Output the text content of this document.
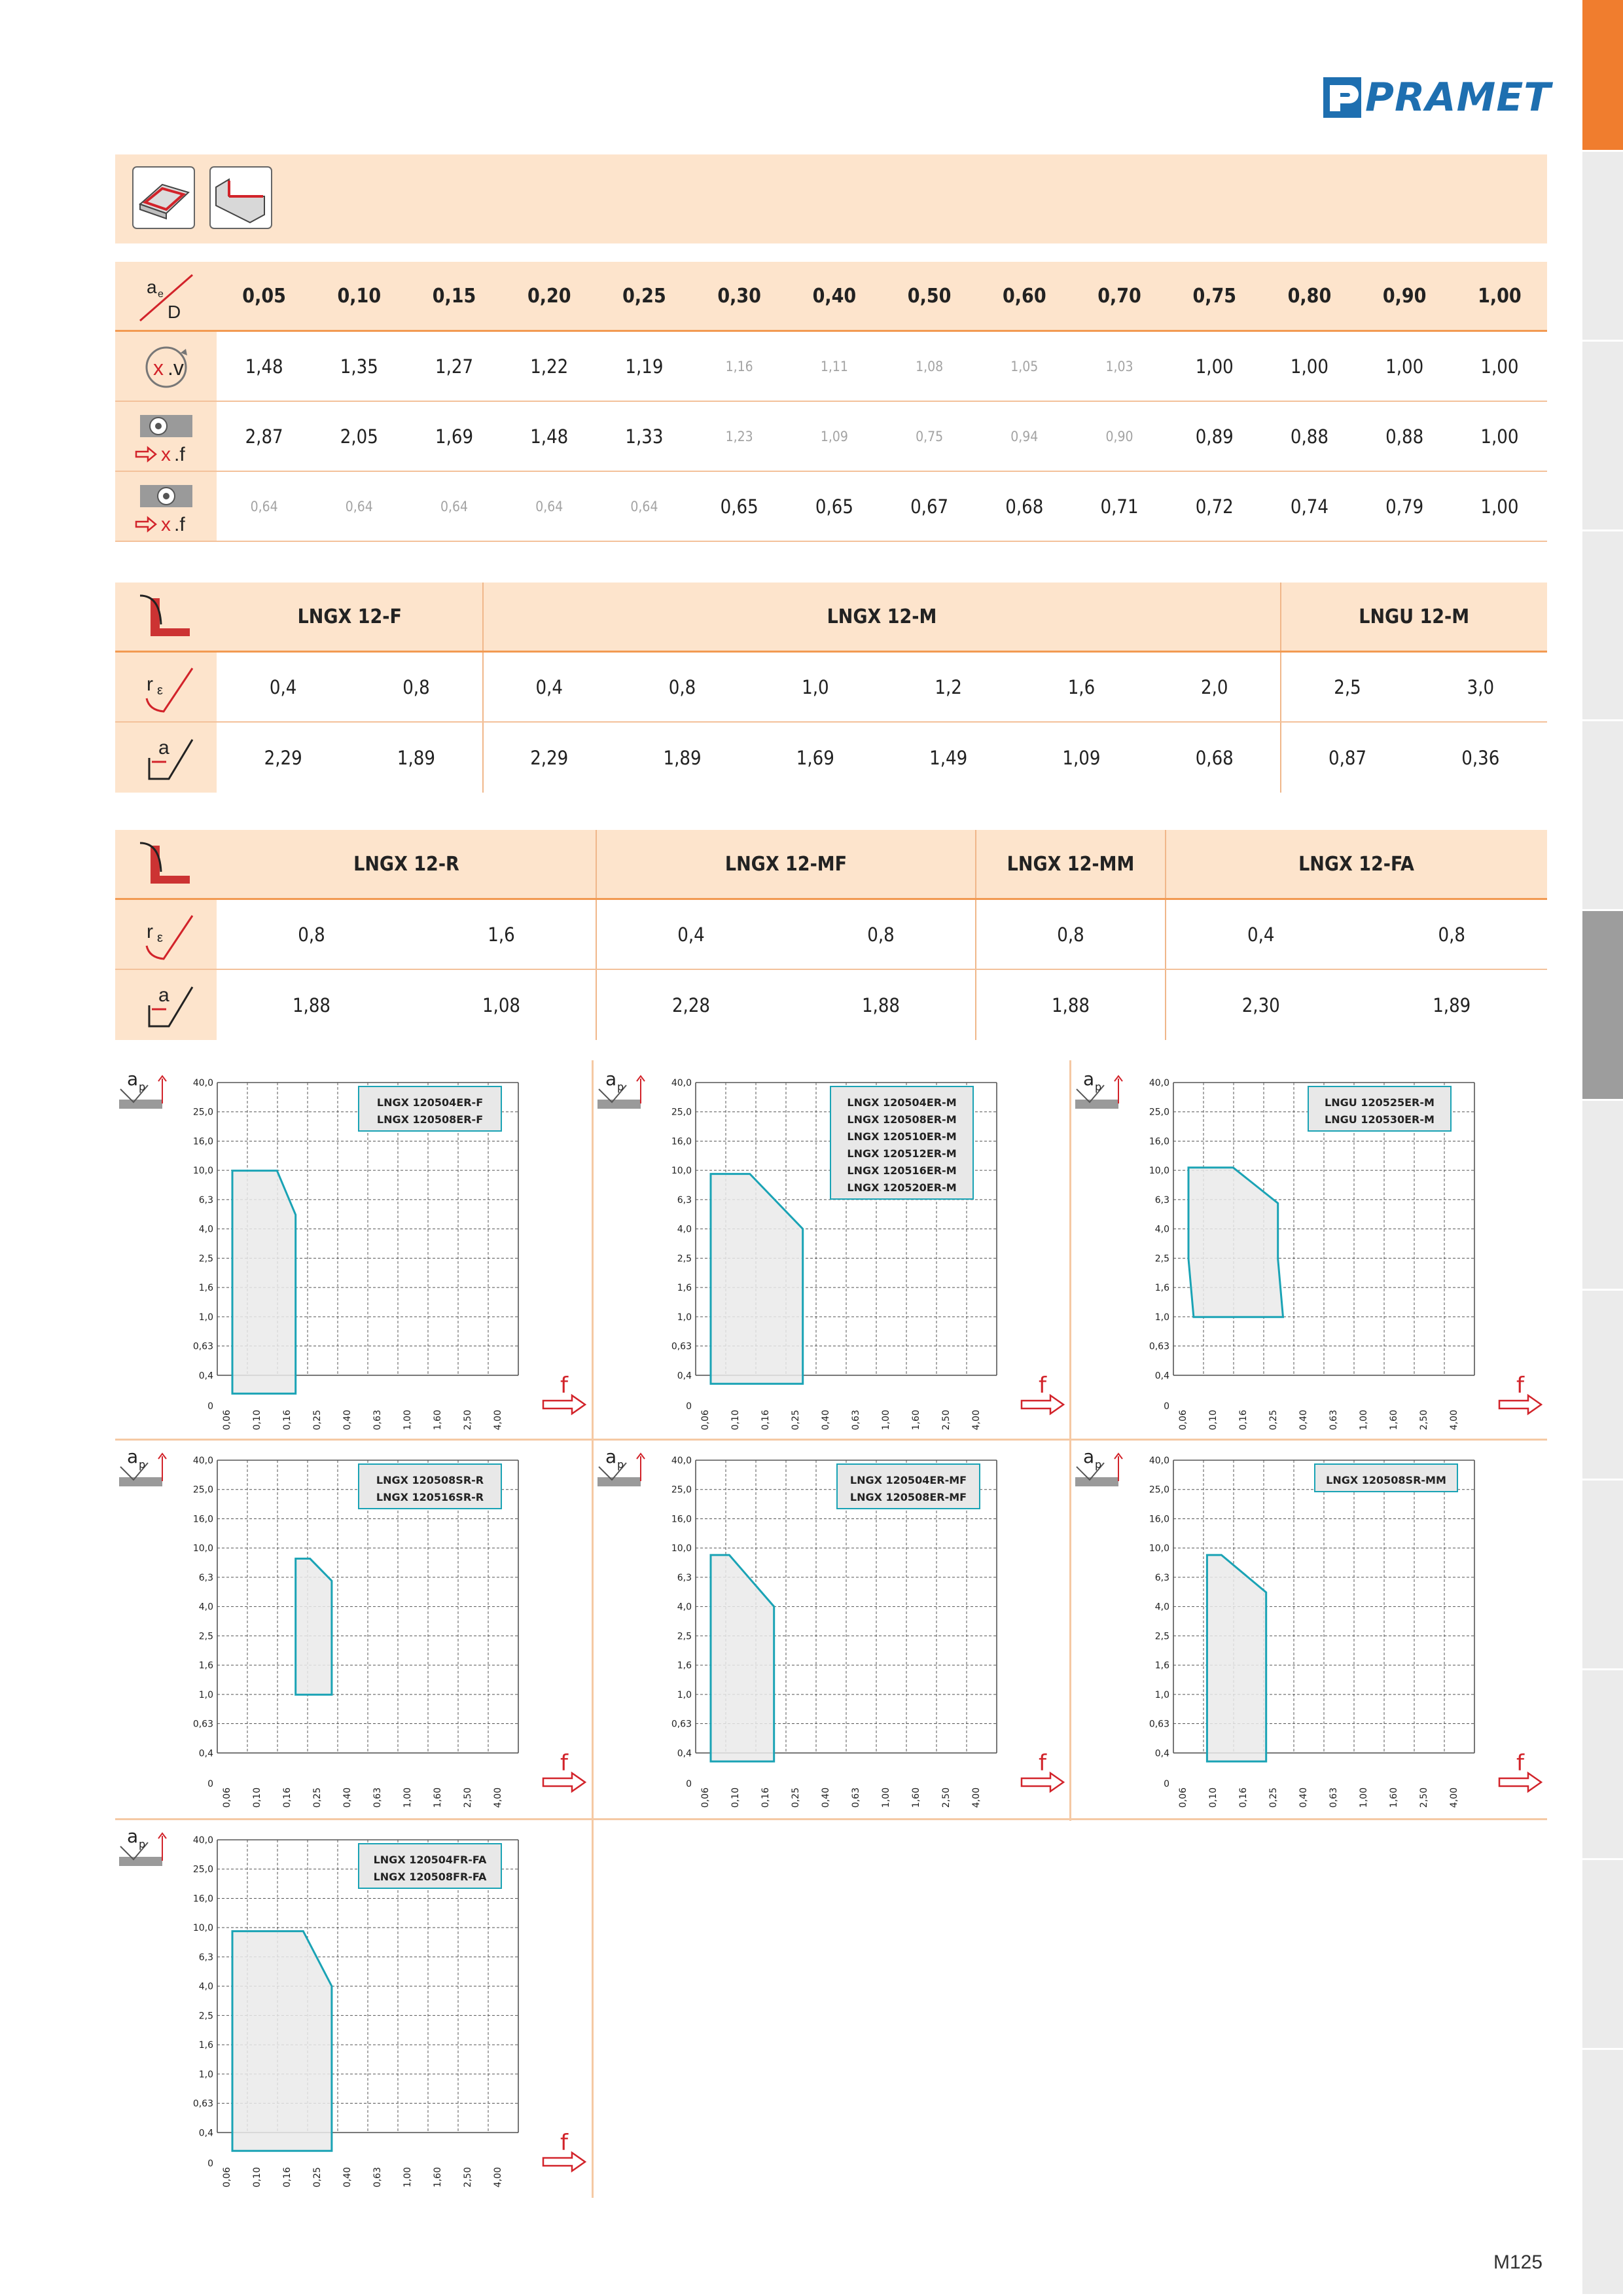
PRAMET
a e
D
0,05	0,10	0,15	0,20	0,25	0,30	0,40	0,50	0,60	0,70	0,75	0,80	0,90	1,00
x .v	1,48	1,35	1,27	1,22	1,19	1,16	1,11	1,08	1,05	1,03	1,00	1,00	1,00	1,00
x .f
2,87	2,05	1,69	1,48	1,33	1,23	1,09	0,75	0,94	0,90	0,89	0,88	0,88	1,00
x .f
0,64	0,64	0,64	0,64	0,64	0,65	0,65	0,67	0,68	0,71	0,72	0,74	0,79	1,00
LNGX 12-F	LNGX 12-M	LNGU 12-M
r ε	0,4	0,8	0,4	0,8	1,0	1,2	1,6	2,0	2,5	3,0
a	2,29	1,89	2,29	1,89	1,69	1,49	1,09	0,68	0,87	0,36
LNGX 12-R	LNGX 12-MF	LNGX 12-MM	LNGX 12-FA
r ε	0,8	1,6	0,4	0,8	0,8	0,4	0,8
a	1,88	1,08	2,28	1,88	1,88	2,30	1,89
a p	40,0
25,0
16,0
10,0
6,3
4,0
2,5
1,6
1,0
0,63
0,4
0
0,06 0,10 0,16 0,25 0,40 0,63 1,00 1,60 2,50 4,00
f
LNGX 120504ER-F
LNGX 120508ER-F
a p	40,0
25,0
16,0
10,0
6,3
4,0
2,5
1,6
1,0
0,63
0,4
0
0,06 0,10 0,16 0,25 0,40 0,63 1,00 1,60 2,50 4,00
f
LNGX 120504ER-M
LNGX 120508ER-M
LNGX 120510ER-M
LNGX 120512ER-M
LNGX 120516ER-M
LNGX 120520ER-M
a p	40,0
25,0
16,0
10,0
6,3
4,0
2,5
1,6
1,0
0,63
0,4
0
0,06 0,10 0,16 0,25 0,40 0,63 1,00 1,60 2,50 4,00
f
LNGU 120525ER-M
LNGU 120530ER-M
a p	40,0
25,0
16,0
10,0
6,3
4,0
2,5
1,6
1,0
0,63
0,4
0
0,06 0,10 0,16 0,25 0,40 0,63 1,00 1,60 2,50 4,00
f
LNGX 120508SR-R
LNGX 120516SR-R
a p	40,0
25,0
16,0
10,0
6,3
4,0
2,5
1,6
1,0
0,63
0,4
0
0,06 0,10 0,16 0,25 0,40 0,63 1,00 1,60 2,50 4,00
f
LNGX 120504ER-MF
LNGX 120508ER-MF
a p	40,0
25,0
16,0
10,0
6,3
4,0
2,5
1,6
1,0
0,63
0,4
0
0,06 0,10 0,16 0,25 0,40 0,63 1,00 1,60 2,50 4,00
f
LNGX 120508SR-MM
a p	40,0
25,0
16,0
10,0
6,3
4,0
2,5
1,6
1,0
0,63
0,4
0
0,06 0,10 0,16 0,25 0,40 0,63 1,00 1,60 2,50 4,00
f
LNGX 120504FR-FA
LNGX 120508FR-FA
M125
